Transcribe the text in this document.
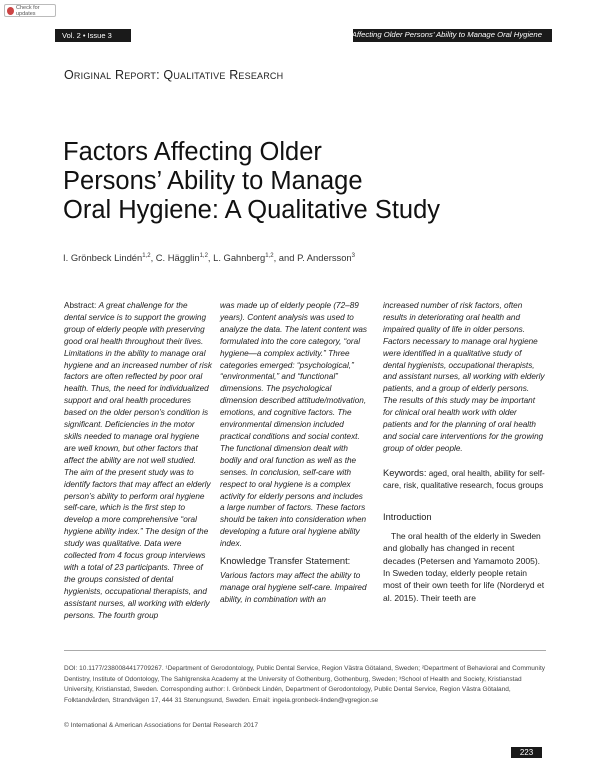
Check for updates
Vol. 2 • Issue 3	Factors Affecting Older Persons’ Ability to Manage Oral Hygiene
Original Report: Qualitative Research
Factors Affecting Older
Persons’ Ability to Manage
Oral Hygiene: A Qualitative Study
I. Grönbeck Lindén$^{1,2}$, C. Hägglin$^{1,2}$, L. Gahnberg$^{1,2}$, and P. Andersson$^3$
Abstract: A great challenge for the dental service is to support the growing group of elderly people with preserving good oral health throughout their lives. Limitations in the ability to manage oral hygiene and an increased number of risk factors are often reflected by poor oral health. Thus, the need for individualized support and oral health procedures based on the older person’s condition is significant. Deficiencies in the motor skills needed to manage oral hygiene are well known, but other factors that affect the ability are not well studied. The aim of the present study was to identify factors that may affect an elderly person’s ability to perform oral hygiene self-care, which is the first step to develop a more comprehensive “oral hygiene ability index.” The design of the study was qualitative. Data were collected from 4 focus group interviews with a total of 23 participants. Three of the groups consisted of dental hygienists, occupational therapists, and assistant nurses, all working with elderly persons. The fourth group
was made up of elderly people (72–89 years). Content analysis was used to analyze the data. The latent content was formulated into the core category, “oral hygiene—a complex activity.” Three categories emerged: “psychological,” “environmental,” and “functional” dimensions. The psychological dimension described attitude/motivation, emotions, and cognitive factors. The environmental dimension included practical conditions and social context. The functional dimension dealt with bodily and oral function as well as the senses. In conclusion, self-care with respect to oral hygiene is a complex activity for elderly persons and includes a large number of factors. These factors should be taken into consideration when developing a future oral hygiene ability index.
Knowledge Transfer Statement:
Various factors may affect the ability to manage oral hygiene self-care. Impaired ability, in combination with an
increased number of risk factors, often results in deteriorating oral health and impaired quality of life in older persons. Factors necessary to manage oral hygiene were identified in a qualitative study of dental hygienists, occupational therapists, and assistant nurses, all working with elderly patients, and a group of elderly persons. The results of this study may be important for clinical oral health work with older patients and for the planning of oral health and social care interventions for the growing group of older people.
Keywords: aged, oral health, ability for self-care, risk, qualitative research, focus groups
Introduction
The oral health of the elderly in Sweden and globally has changed in recent decades (Petersen and Yamamoto 2005). In Sweden today, elderly people retain most of their own teeth for life (Norderyd et al. 2015). Their teeth are
DOI: 10.1177/2380084417709267. ¹Department of Gerodontology, Public Dental Service, Region Västra Götaland, Sweden; ²Department of Behavioral and Community Dentistry, Institute of Odontology, The Sahlgrenska Academy at the University of Gothenburg, Gothenburg, Sweden; ³School of Health and Society, Kristianstad University, Kristianstad, Sweden. Corresponding author: I. Grönbeck Lindén, Department of Gerodontology, Public Dental Service, Region Västra Götaland, Folktandvården, Strandvägen 17, 444 31 Stenungsund, Sweden. Email: ingela.gronbeck-linden@vgregion.se
© International & American Associations for Dental Research 2017
223
